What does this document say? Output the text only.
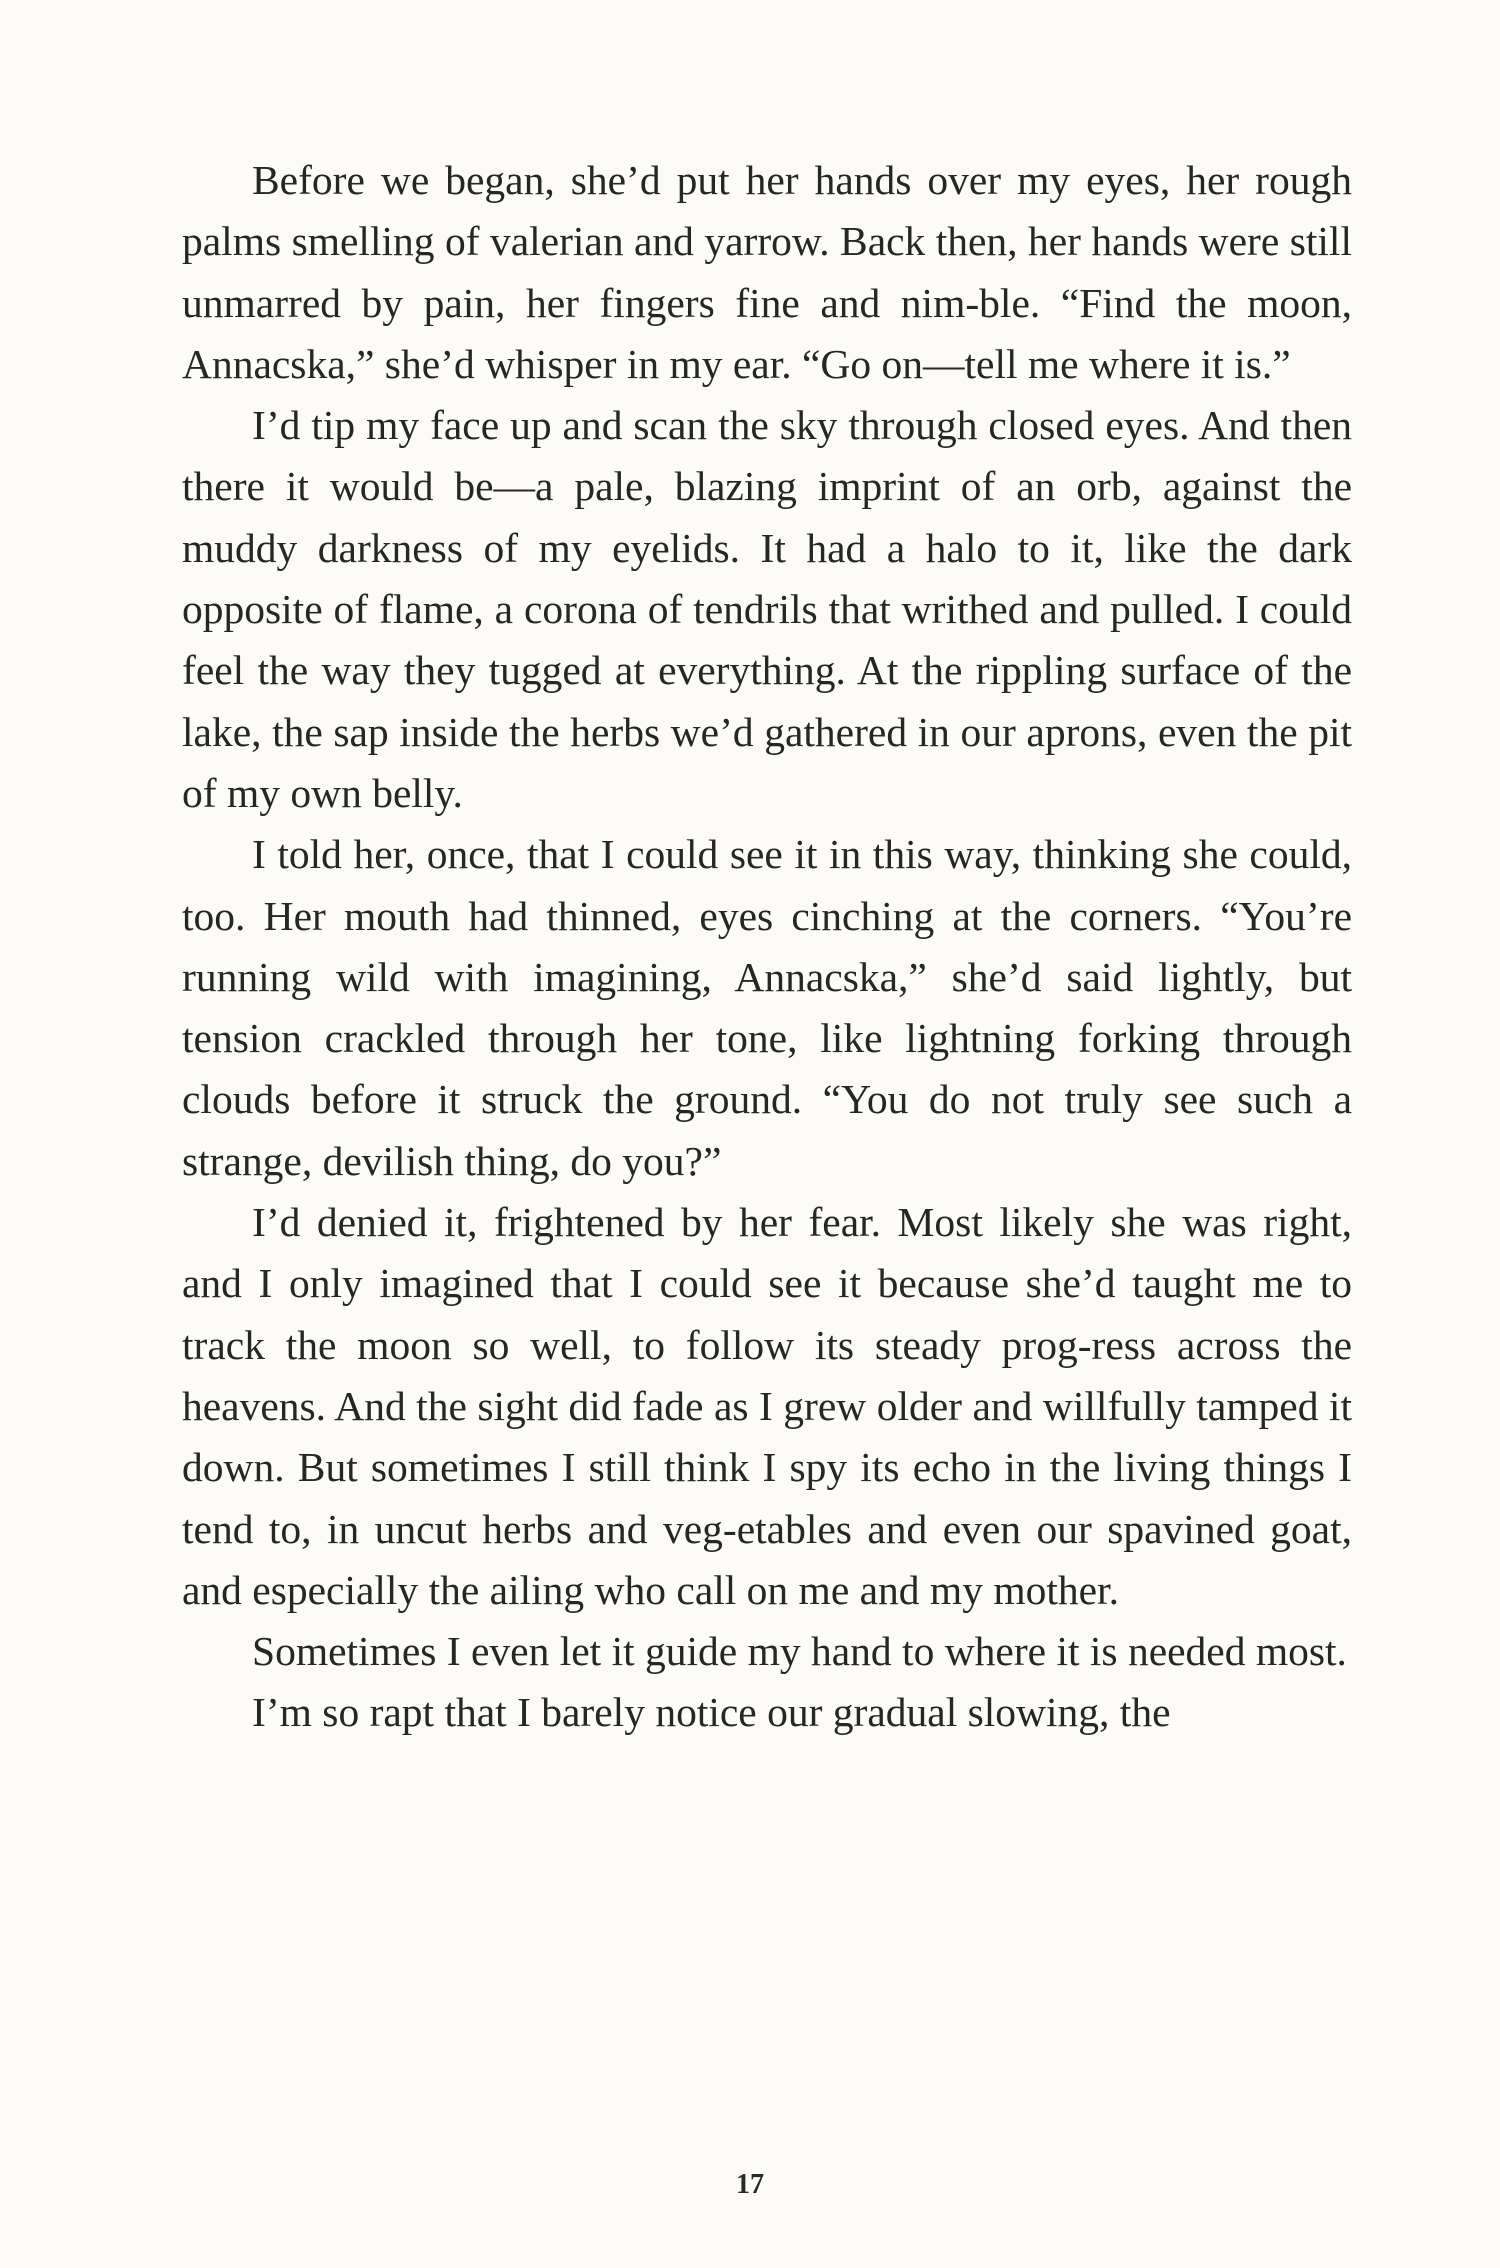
Before we began, she’d put her hands over my eyes, her rough palms smelling of valerian and yarrow. Back then, her hands were still unmarred by pain, her fingers fine and nim-ble. “Find the moon, Annacska,” she’d whisper in my ear. “Go on—tell me where it is.”

I’d tip my face up and scan the sky through closed eyes. And then there it would be—a pale, blazing imprint of an orb, against the muddy darkness of my eyelids. It had a halo to it, like the dark opposite of flame, a corona of tendrils that writhed and pulled. I could feel the way they tugged at everything. At the rippling surface of the lake, the sap inside the herbs we’d gathered in our aprons, even the pit of my own belly.

I told her, once, that I could see it in this way, thinking she could, too. Her mouth had thinned, eyes cinching at the corners. “You’re running wild with imagining, Annacska,” she’d said lightly, but tension crackled through her tone, like lightning forking through clouds before it struck the ground. “You do not truly see such a strange, devilish thing, do you?”

I’d denied it, frightened by her fear. Most likely she was right, and I only imagined that I could see it because she’d taught me to track the moon so well, to follow its steady prog-ress across the heavens. And the sight did fade as I grew older and willfully tamped it down. But sometimes I still think I spy its echo in the living things I tend to, in uncut herbs and veg-etables and even our spavined goat, and especially the ailing who call on me and my mother.

Sometimes I even let it guide my hand to where it is needed most.

I’m so rapt that I barely notice our gradual slowing, the

17
